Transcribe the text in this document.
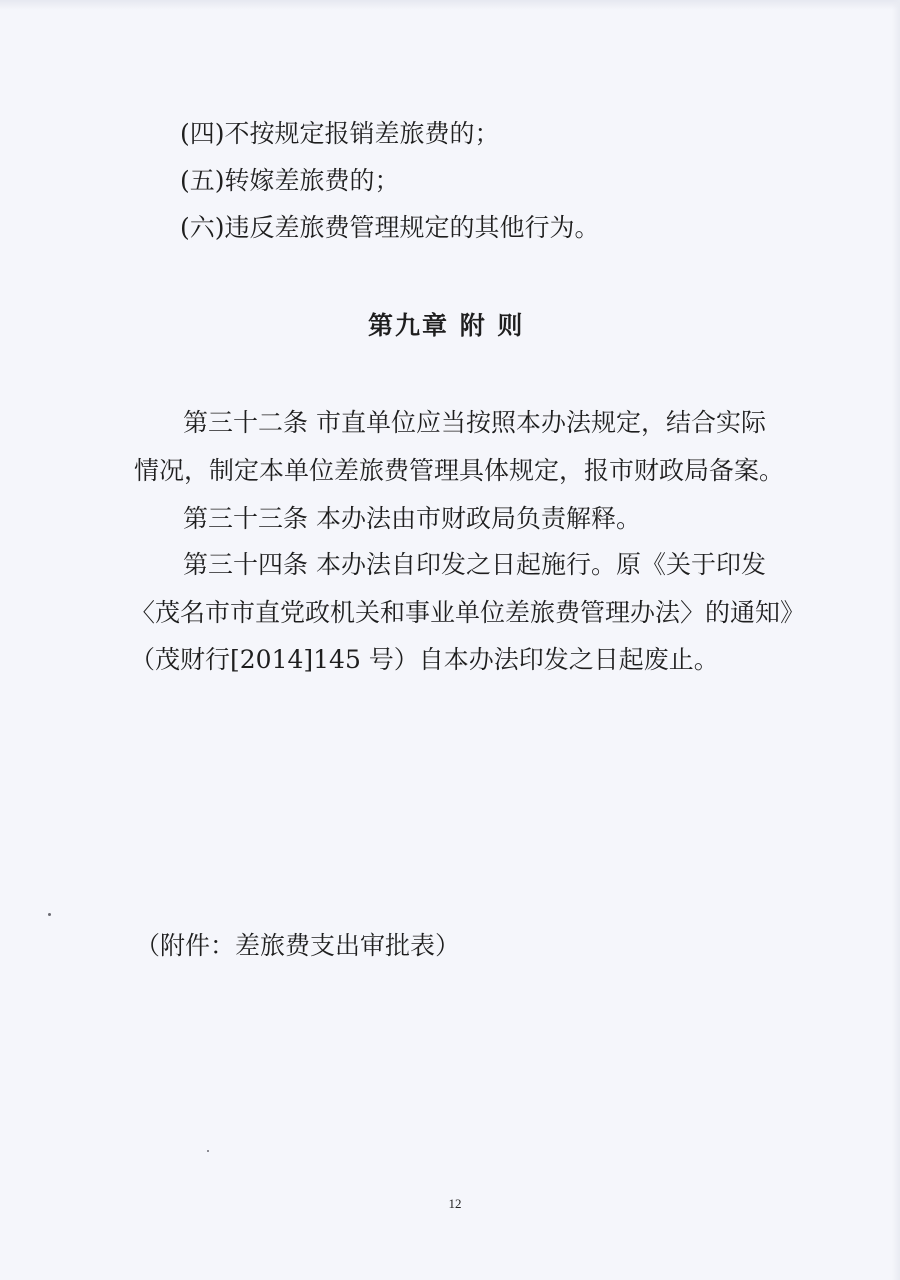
(四)不按规定报销差旅费的；
(五)转嫁差旅费的；
(六)违反差旅费管理规定的其他行为。
第九章 附 则
第三十二条 市直单位应当按照本办法规定，结合实际
情况，制定本单位差旅费管理具体规定，报市财政局备案。
第三十三条 本办法由市财政局负责解释。
第三十四条 本办法自印发之日起施行。原《关于印发
〈茂名市市直党政机关和事业单位差旅费管理办法〉的通知》
（茂财行[2014]145 号）自本办法印发之日起废止。
（附件：差旅费支出审批表）
12
